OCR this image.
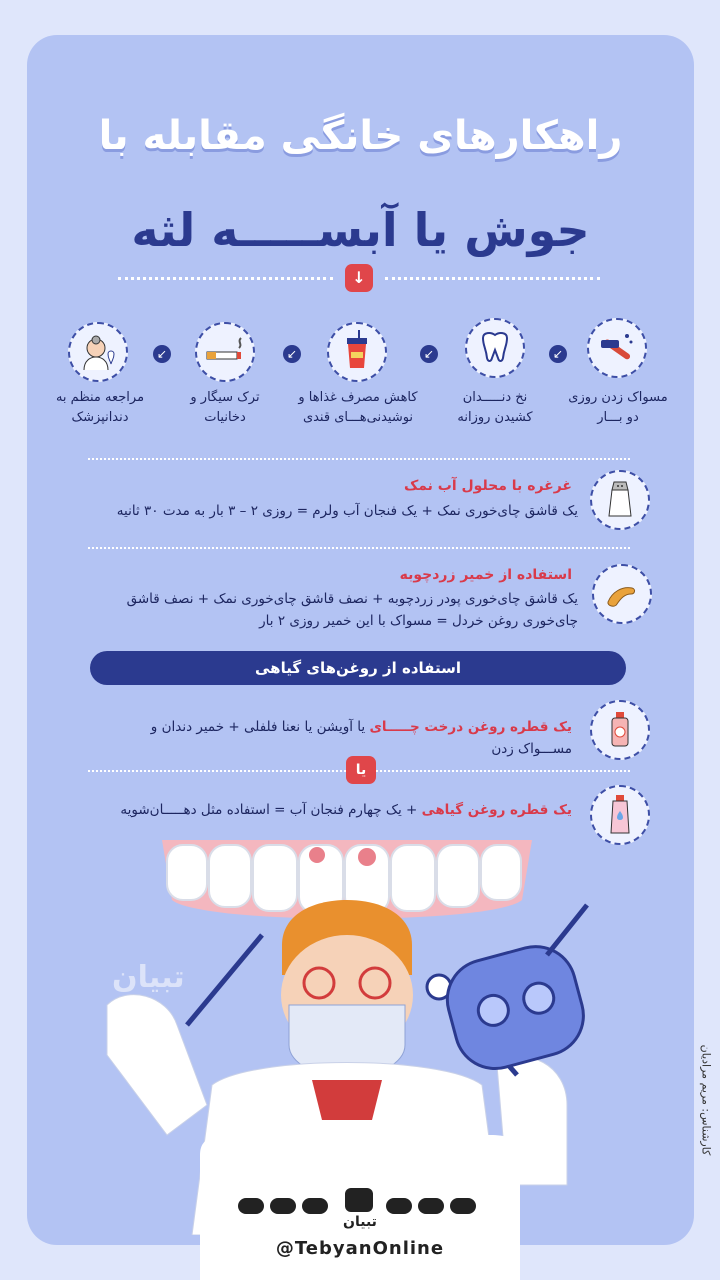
راهکارهای خانگی مقابله با
جوش یا آبســـــه لثه
↓
↙
↙
↙
↙
مسواک زدن روزی دو بـــار
نخ دنـــــدان کشیدن روزانه
کاهش مصرف غذاها و نوشیدنی‌هـــای قندی
ترک سیگار و دخانیات
مراجعه منظم به دندانپزشک
غرغره با محلول آب نمک
یک قاشق چای‌خوری نمک + یک فنجان آب ولرم = روزی ۲ – ۳ بار به مدت ۳۰ ثانیه
استفاده از خمیر زردچوبه
یک قاشق چای‌خوری پودر زردچوبه + نصف قاشق چای‌خوری نمک + نصف قاشق چای‌خوری روغن خردل = مسواک با این خمیر روزی ۲ بار
استفاده از روغن‌های گیاهی
یک قطره روغن درخت چـــــای یا آویشن یا نعنا فلفلی + خمیر دندان و مســـواک زدن
یا
یک قطره روغن گیاهی + یک چهارم فنجان آب = استفاده مثل دهـــــان‌شویه
تبیان
کارشناس: مریم مرادیان
تبیان
@TebyanOnline
